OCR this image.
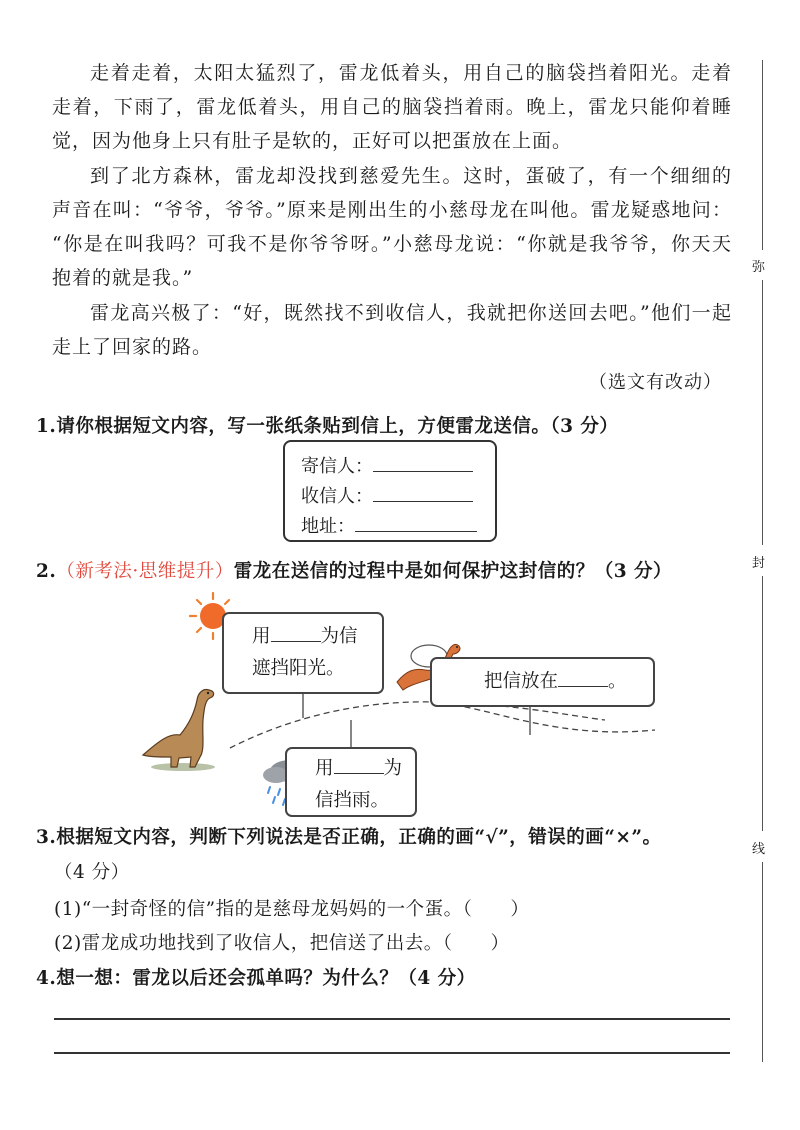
弥
封
线
走着走着，太阳太猛烈了，雷龙低着头，用自己的脑袋挡着阳光。走着
走着，下雨了，雷龙低着头，用自己的脑袋挡着雨。晚上，雷龙只能仰着睡
觉，因为他身上只有肚子是软的，正好可以把蛋放在上面。
到了北方森林，雷龙却没找到慈爱先生。这时，蛋破了，有一个细细的
声音在叫：“爷爷，爷爷。”原来是刚出生的小慈母龙在叫他。雷龙疑惑地问：
“你是在叫我吗？可我不是你爷爷呀。”小慈母龙说：“你就是我爷爷，你天天
抱着的就是我。”
雷龙高兴极了：“好，既然找不到收信人，我就把你送回去吧。”他们一起
走上了回家的路。
（选文有改动）
1.请你根据短文内容，写一张纸条贴到信上，方便雷龙送信。（3 分）
寄信人：
收信人：
地址：
2.（新考法·思维提升）雷龙在送信的过程中是如何保护这封信的？（3 分）
用	为信
遮挡阳光。
把信放在	。
用	为
信挡雨。
3.根据短文内容，判断下列说法是否正确，正确的画“√”，错误的画“×”。
（4 分）
(1)“一封奇怪的信”指的是慈母龙妈妈的一个蛋。（　　）
(2)雷龙成功地找到了收信人，把信送了出去。（　　）
4.想一想：雷龙以后还会孤单吗？为什么？（4 分）
